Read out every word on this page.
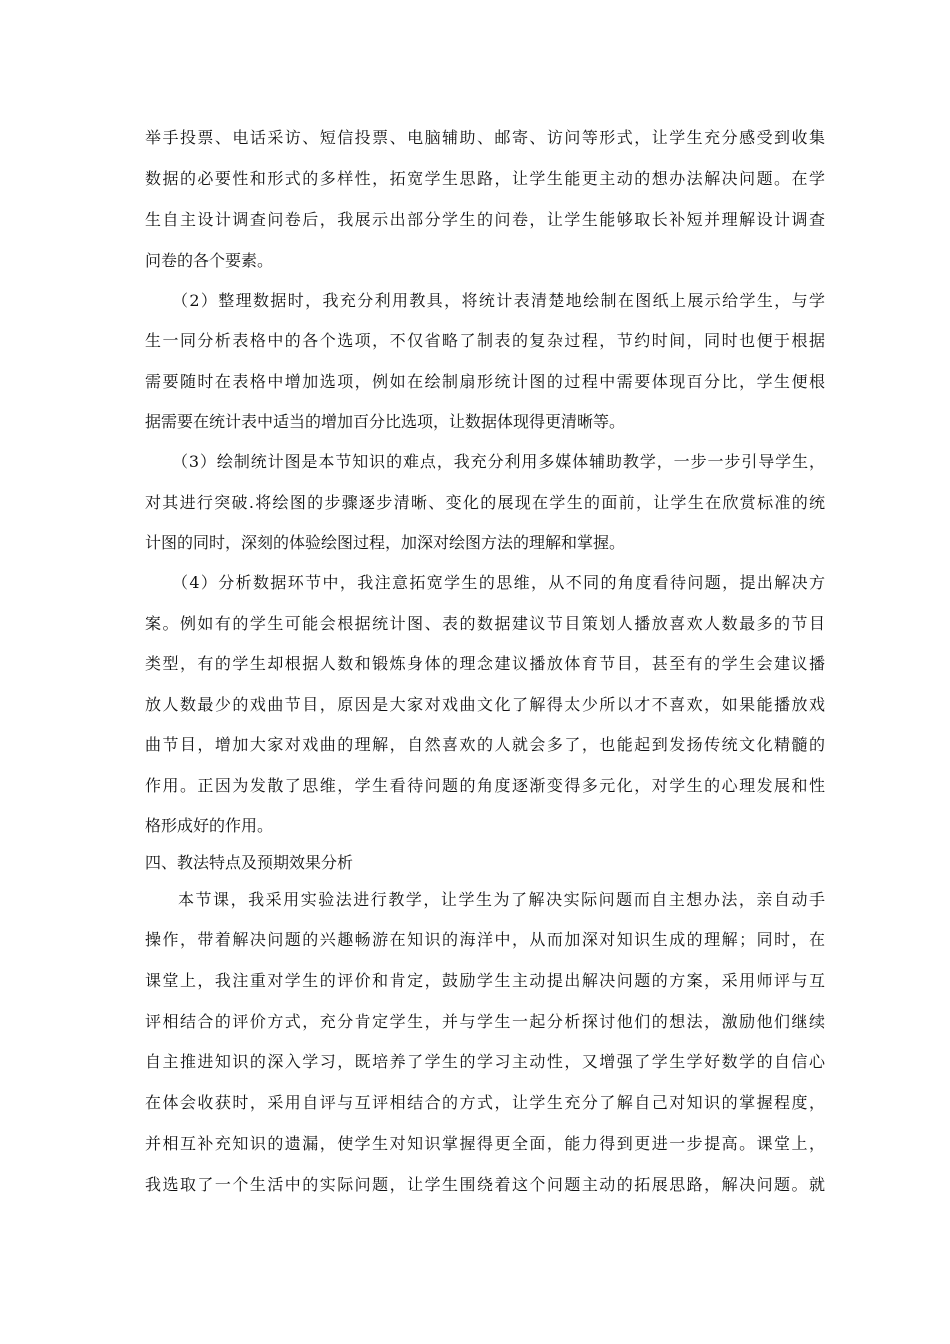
举手投票、电话采访、短信投票、电脑辅助、邮寄、访问等形式，让学生充分感受到收集
数据的必要性和形式的多样性，拓宽学生思路，让学生能更主动的想办法解决问题。在学
生自主设计调查问卷后，我展示出部分学生的问卷，让学生能够取长补短并理解设计调查
问卷的各个要素。
（2）整理数据时，我充分利用教具，将统计表清楚地绘制在图纸上展示给学生，与学
生一同分析表格中的各个选项，不仅省略了制表的复杂过程，节约时间，同时也便于根据
需要随时在表格中增加选项，例如在绘制扇形统计图的过程中需要体现百分比，学生便根
据需要在统计表中适当的增加百分比选项，让数据体现得更清晰等。
（3）绘制统计图是本节知识的难点，我充分利用多媒体辅助教学，一步一步引导学生，
对其进行突破.将绘图的步骤逐步清晰、变化的展现在学生的面前，让学生在欣赏标准的统
计图的同时，深刻的体验绘图过程，加深对绘图方法的理解和掌握。
（4）分析数据环节中，我注意拓宽学生的思维，从不同的角度看待问题，提出解决方
案。例如有的学生可能会根据统计图、表的数据建议节目策划人播放喜欢人数最多的节目
类型，有的学生却根据人数和锻炼身体的理念建议播放体育节目，甚至有的学生会建议播
放人数最少的戏曲节目，原因是大家对戏曲文化了解得太少所以才不喜欢，如果能播放戏
曲节目，增加大家对戏曲的理解，自然喜欢的人就会多了，也能起到发扬传统文化精髓的
作用。正因为发散了思维，学生看待问题的角度逐渐变得多元化，对学生的心理发展和性
格形成好的作用。
四、教法特点及预期效果分析
本节课，我采用实验法进行教学，让学生为了解决实际问题而自主想办法，亲自动手
操作，带着解决问题的兴趣畅游在知识的海洋中，从而加深对知识生成的理解；同时，在
课堂上，我注重对学生的评价和肯定，鼓励学生主动提出解决问题的方案，采用师评与互
评相结合的评价方式，充分肯定学生，并与学生一起分析探讨他们的想法，激励他们继续
自主推进知识的深入学习，既培养了学生的学习主动性，又增强了学生学好数学的自信心
在体会收获时，采用自评与互评相结合的方式，让学生充分了解自己对知识的掌握程度，
并相互补充知识的遗漏，使学生对知识掌握得更全面，能力得到更进一步提高。课堂上，
我选取了一个生活中的实际问题，让学生围绕着这个问题主动的拓展思路，解决问题。就
